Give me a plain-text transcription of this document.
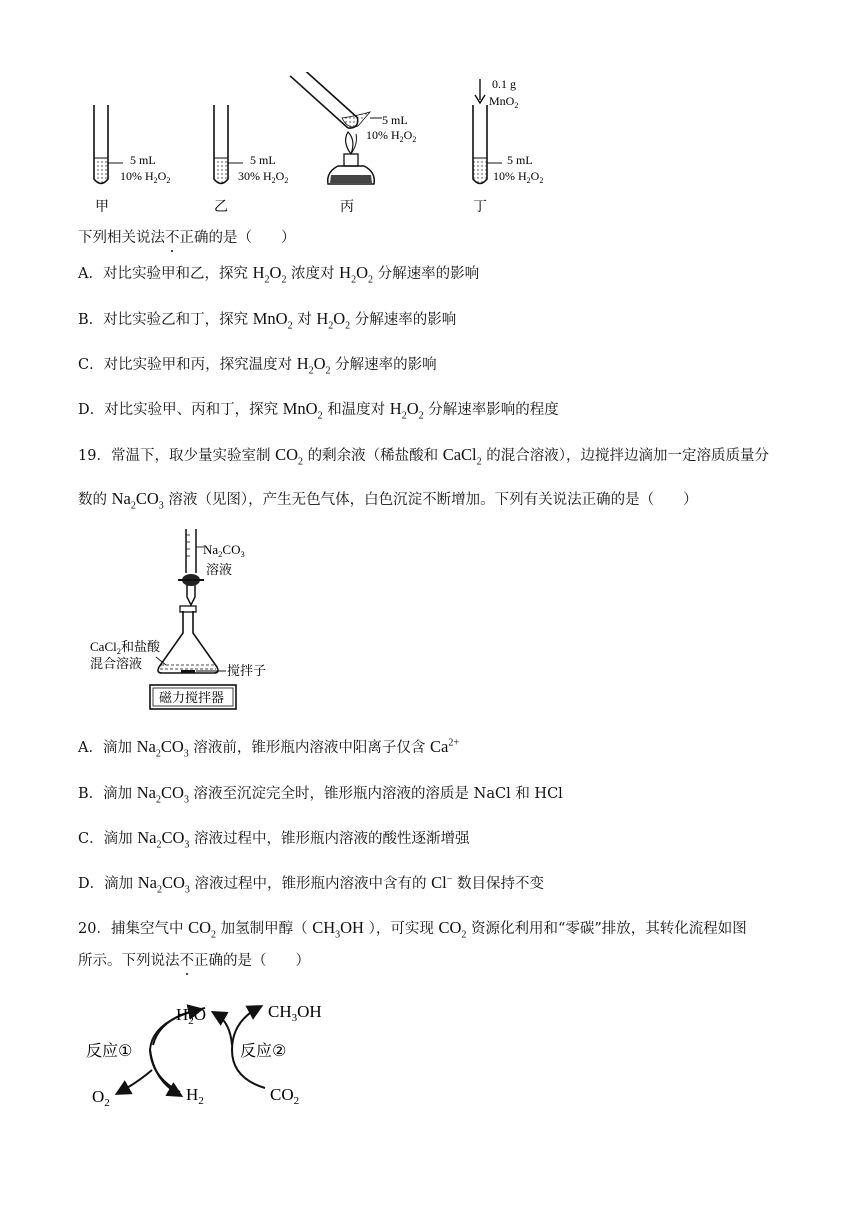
5 mL
10% $H_2O_2$
甲
5 mL
30% $H_2O_2$
乙
5 mL
10% $H_2O_2$
丙
0.1 g
MnO$_2$
5 mL
10% $H_2O_2$
丁
下列相关说法不正确的是（　　）
A．对比实验甲和乙，探究 $H_2O_2$ 浓度对 $H_2O_2$ 分解速率的影响
B．对比实验乙和丁，探究 MnO$_2$ 对 $H_2O_2$ 分解速率的影响
C．对比实验甲和丙，探究温度对 $H_2O_2$ 分解速率的影响
D．对比实验甲、丙和丁，探究 MnO$_2$ 和温度对 $H_2O_2$ 分解速率影响的程度
19．常温下，取少量实验室制 $CO_2$ 的剩余液（稀盐酸和 CaCl$_2$ 的混合溶液），边搅拌边滴加一定溶质质量分
数的 $Na_2CO_3$ 溶液（见图），产生无色气体，白色沉淀不断增加。下列有关说法正确的是（　　）
$Na_2CO_3$
溶液
CaCl$_2$和盐酸
混合溶液	搅拌子
磁力搅拌器
A．滴加 $Na_2CO_3$ 溶液前，锥形瓶内溶液中阳离子仅含 $Ca^{2+}$
B．滴加 $Na_2CO_3$ 溶液至沉淀完全时，锥形瓶内溶液的溶质是 NaCl 和 HCl
C．滴加 $Na_2CO_3$ 溶液过程中，锥形瓶内溶液的酸性逐渐增强
D．滴加 $Na_2CO_3$ 溶液过程中，锥形瓶内溶液中含有的 Cl− 数目保持不变
20．捕集空气中 $CO_2$ 加氢制甲醇（ $CH_3OH$ ），可实现 $CO_2$ 资源化利用和“零碳”排放，其转化流程如图
所示。下列说法不正确的是（　　）
$H_2O$	$CH_3OH$
反应①	反应②
$O_2$	$H_2$	$CO_2$
